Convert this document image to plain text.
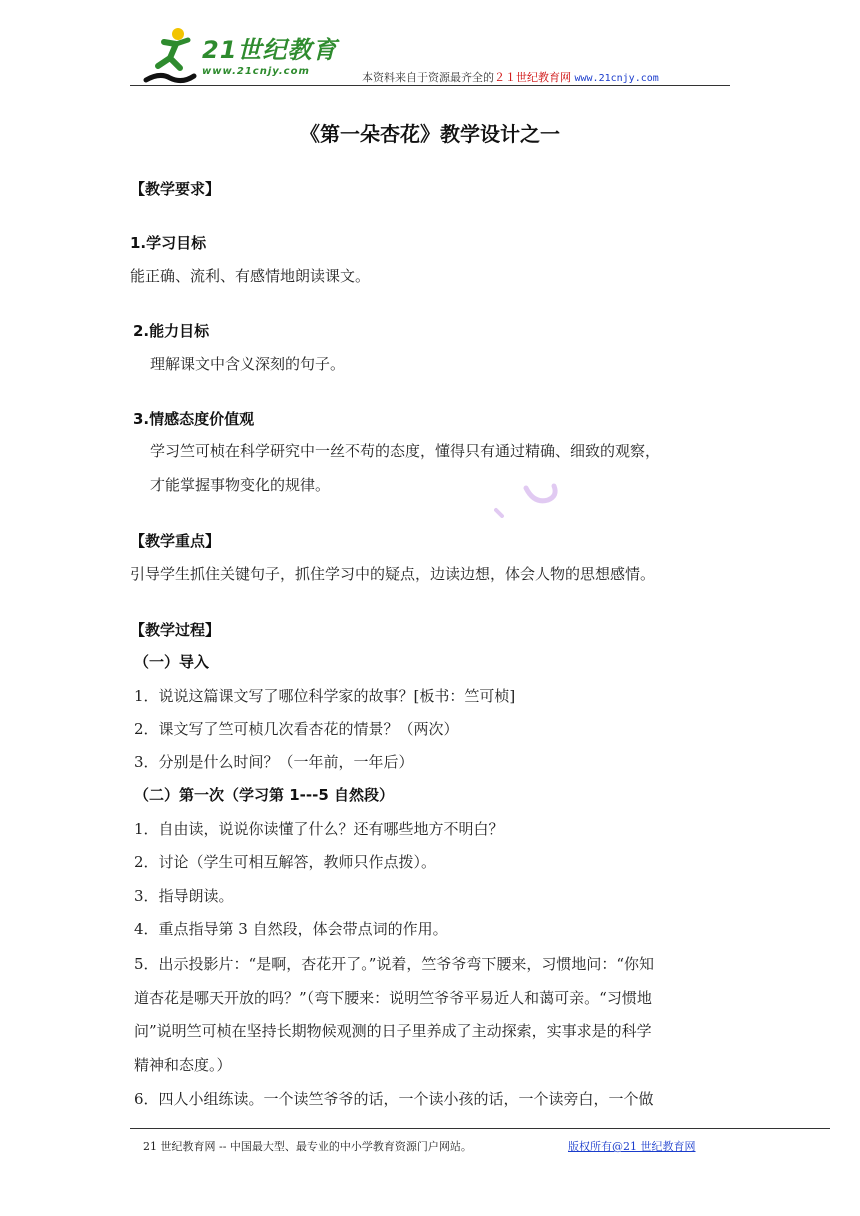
21世纪教育
www.21cnjy.com	本资料来自于资源最齐全的２１世纪教育网 www.21cnjy.com
《第一朵杏花》教学设计之一
【教学要求】
1.学习目标
能正确、流利、有感情地朗读课文。
2.能力目标
理解课文中含义深刻的句子。
3.情感态度价值观
学习竺可桢在科学研究中一丝不苟的态度，懂得只有通过精确、细致的观察，
才能掌握事物变化的规律。
【教学重点】
引导学生抓住关键句子，抓住学习中的疑点，边读边想，体会人物的思想感情。
【教学过程】
（一）导入
1．说说这篇课文写了哪位科学家的故事？[板书：竺可桢]
2．课文写了竺可桢几次看杏花的情景？（两次）
3．分别是什么时间？（一年前，一年后）
（二）第一次（学习第 1---5 自然段）
1．自由读，说说你读懂了什么？还有哪些地方不明白？
2．讨论（学生可相互解答，教师只作点拨）。
3．指导朗读。
4．重点指导第 3 自然段，体会带点词的作用。
5．出示投影片：“是啊，杏花开了。”说着，竺爷爷弯下腰来，习惯地问：“你知
道杏花是哪天开放的吗？”（弯下腰来：说明竺爷爷平易近人和蔼可亲。“习惯地
问”说明竺可桢在坚持长期物候观测的日子里养成了主动探索，实事求是的科学
精神和态度。）
6．四人小组练读。一个读竺爷爷的话，一个读小孩的话，一个读旁白，一个做
21 世纪教育网 -- 中国最大型、最专业的中小学教育资源门户网站。	版权所有@21 世纪教育网
